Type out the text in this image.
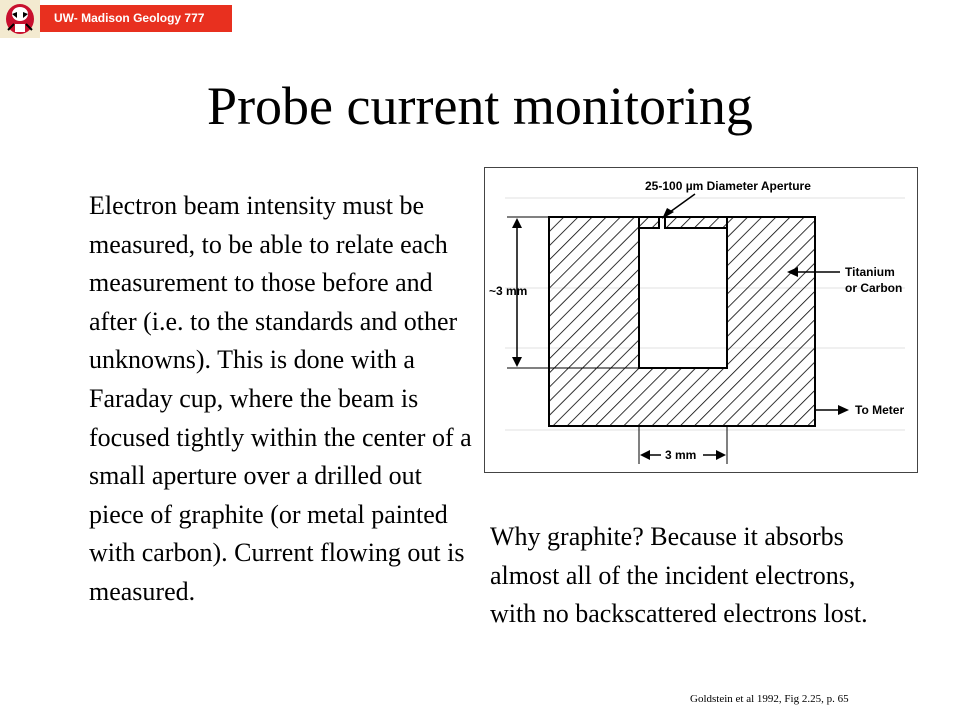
UW- Madison Geology 777
Probe current monitoring

Electron beam intensity must be measured, to be able to relate each measurement to those before and after (i.e. to the standards and other unknowns). This is done with a Faraday cup, where the beam is focused tightly within the center of a small aperture over a drilled out piece of graphite (or metal painted with carbon). Current flowing out is measured.

25-100 µm Diameter Aperture
~3 mm
Titanium
or Carbon
To Meter
3 mm

Why graphite? Because it absorbs almost all of the incident electrons, with no backscattered electrons lost.

Goldstein et al 1992, Fig 2.25, p. 65
